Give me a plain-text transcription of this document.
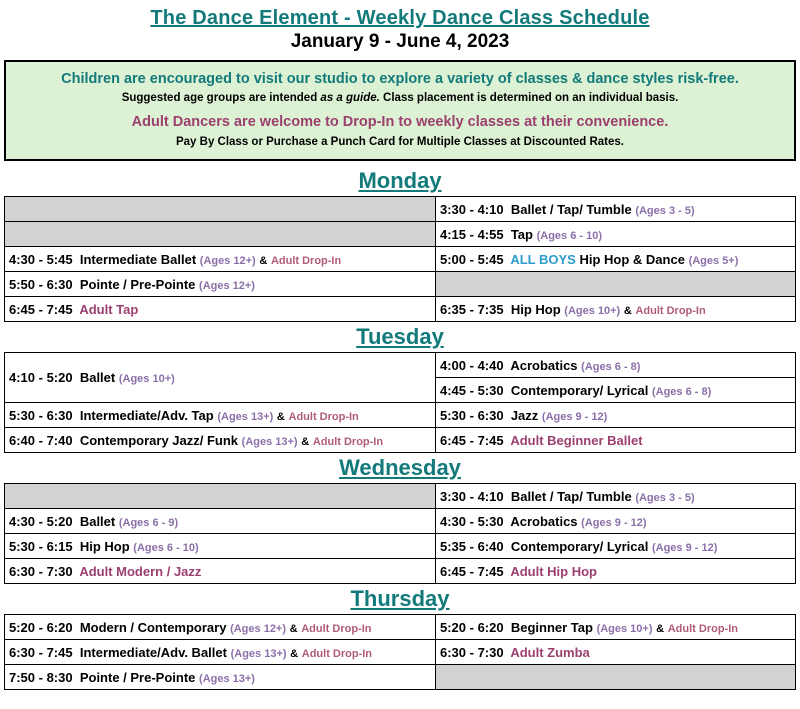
The Dance Element - Weekly Dance Class Schedule
January 9 - June 4, 2023
Children are encouraged to visit our studio to explore a variety of classes & dance styles risk-free.
Suggested age groups are intended as a guide. Class placement is determined on an individual basis.
Adult Dancers are welcome to Drop-In to weekly classes at their convenience.
Pay By Class or Purchase a Punch Card for Multiple Classes at Discounted Rates.
Monday
	3:30 - 4:10 Ballet / Tap/ Tumble (Ages 3 - 5)
	4:15 - 4:55 Tap (Ages 6 - 10)
4:30 - 5:45 Intermediate Ballet (Ages 12+) & Adult Drop-In	5:00 - 5:45 ALL BOYS Hip Hop & Dance (Ages 5+)
5:50 - 6:30 Pointe / Pre-Pointe (Ages 12+)	
6:45 - 7:45 Adult Tap	6:35 - 7:35 Hip Hop (Ages 10+) & Adult Drop-In
Tuesday
4:10 - 5:20 Ballet (Ages 10+)	4:00 - 4:40 Acrobatics (Ages 6 - 8)
	4:45 - 5:30 Contemporary/ Lyrical (Ages 6 - 8)
5:30 - 6:30 Intermediate/Adv. Tap (Ages 13+) & Adult Drop-In	5:30 - 6:30 Jazz (Ages 9 - 12)
6:40 - 7:40 Contemporary Jazz/ Funk (Ages 13+) & Adult Drop-In	6:45 - 7:45 Adult Beginner Ballet
Wednesday
	3:30 - 4:10 Ballet / Tap/ Tumble (Ages 3 - 5)
4:30 - 5:20 Ballet (Ages 6 - 9)	4:30 - 5:30 Acrobatics (Ages 9 - 12)
5:30 - 6:15 Hip Hop (Ages 6 - 10)	5:35 - 6:40 Contemporary/ Lyrical (Ages 9 - 12)
6:30 - 7:30 Adult Modern / Jazz	6:45 - 7:45 Adult Hip Hop
Thursday
5:20 - 6:20 Modern / Contemporary (Ages 12+) & Adult Drop-In	5:20 - 6:20 Beginner Tap (Ages 10+) & Adult Drop-In
6:30 - 7:45 Intermediate/Adv. Ballet (Ages 13+) & Adult Drop-In	6:30 - 7:30 Adult Zumba
7:50 - 8:30 Pointe / Pre-Pointe (Ages 13+)	
